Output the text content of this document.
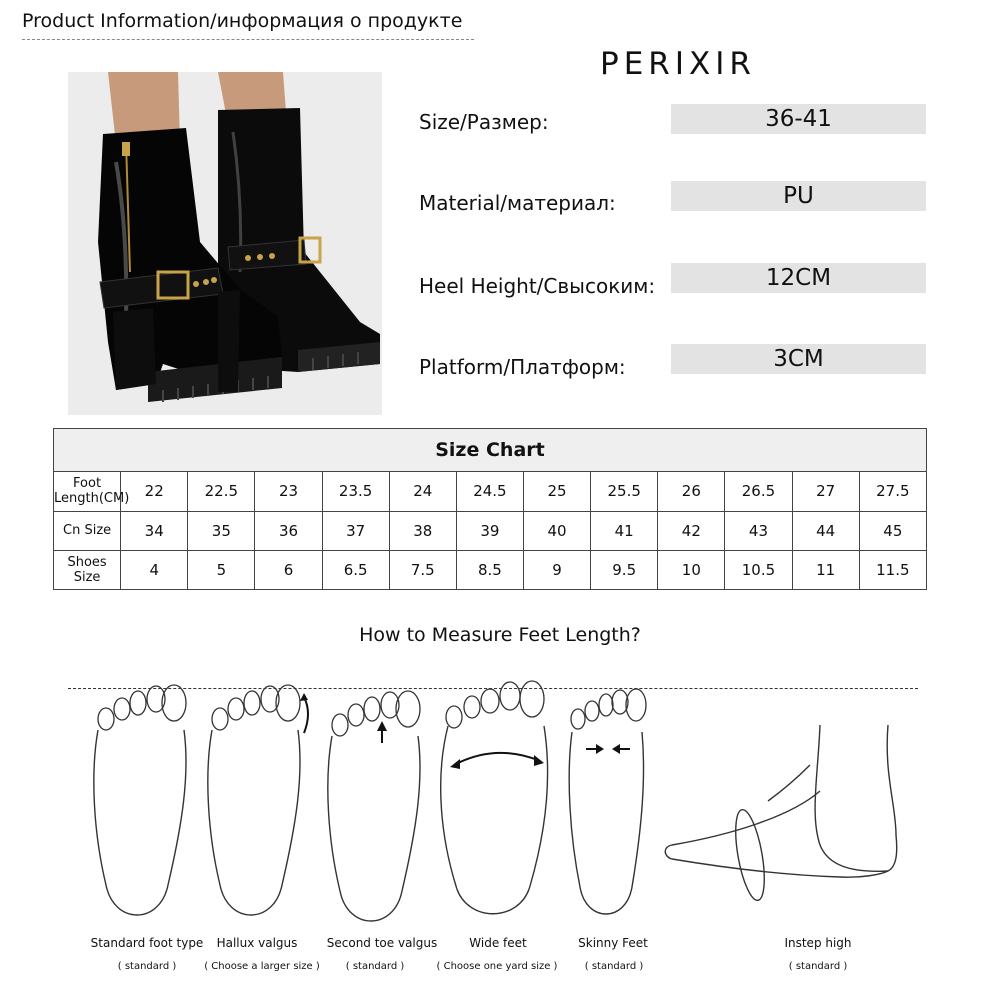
Product Information/информация о продукте
PERIXIR
Size/Размер:	36-41
Material/материал:	PU
Heel Height/Свысоким:	12CM
Platform/Платформ:	3CM
Size Chart												
Foot Length(CM)	22	22.5	23	23.5	24	24.5	25	25.5	26	26.5	27	27.5
Cn Size	34	35	36	37	38	39	40	41	42	43	44	45
Shoes Size	4	5	6	6.5	7.5	8.5	9	9.5	10	10.5	11	11.5
How to Measure Feet Length?
Standard foot type
( standard )
Hallux valgus
( Choose a larger size )
Second toe valgus
( standard )
Wide feet
( Choose one yard size )
Skinny Feet
( standard )
Instep high
( standard )
